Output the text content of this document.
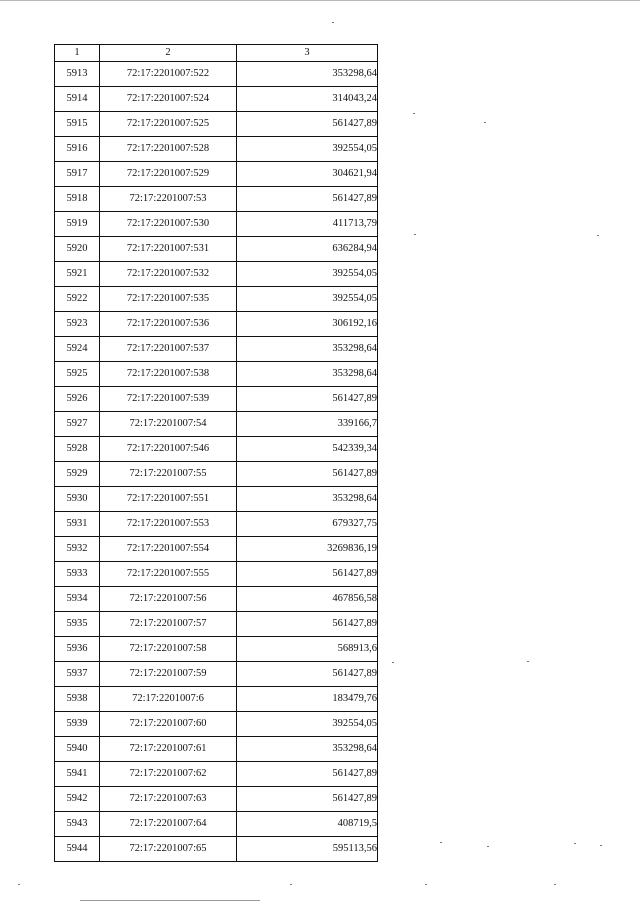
1	2	3
5913	72:17:2201007:522	353298,64
5914	72:17:2201007:524	314043,24
5915	72:17:2201007:525	561427,89
5916	72:17:2201007:528	392554,05
5917	72:17:2201007:529	304621,94
5918	72:17:2201007:53	561427,89
5919	72:17:2201007:530	411713,79
5920	72:17:2201007:531	636284,94
5921	72:17:2201007:532	392554,05
5922	72:17:2201007:535	392554,05
5923	72:17:2201007:536	306192,16
5924	72:17:2201007:537	353298,64
5925	72:17:2201007:538	353298,64
5926	72:17:2201007:539	561427,89
5927	72:17:2201007:54	339166,7
5928	72:17:2201007:546	542339,34
5929	72:17:2201007:55	561427,89
5930	72:17:2201007:551	353298,64
5931	72:17:2201007:553	679327,75
5932	72:17:2201007:554	3269836,19
5933	72:17:2201007:555	561427,89
5934	72:17:2201007:56	467856,58
5935	72:17:2201007:57	561427,89
5936	72:17:2201007:58	568913,6
5937	72:17:2201007:59	561427,89
5938	72:17:2201007:6	183479,76
5939	72:17:2201007:60	392554,05
5940	72:17:2201007:61	353298,64
5941	72:17:2201007:62	561427,89
5942	72:17:2201007:63	561427,89
5943	72:17:2201007:64	408719,5
5944	72:17:2201007:65	595113,56
